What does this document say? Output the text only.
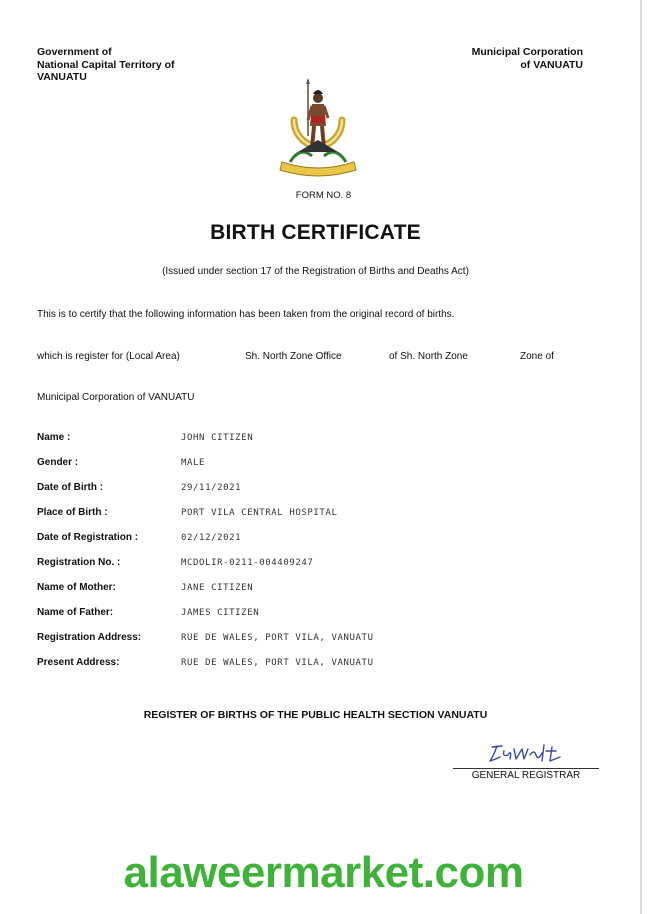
Government of
National Capital Territory of
VANUATU
Municipal Corporation
of VANUATU
FORM NO. 8
BIRTH CERTIFICATE
(Issued under section 17 of the Registration of Births and Deaths Act)
This is to certify that the following information has been taken from the original record of births.
which is register for (Local Area)	Sh. North Zone Office	of Sh. North Zone	Zone of
Municipal Corporation of VANUATU
Name :	JOHN CITIZEN
Gender :	MALE
Date of Birth :	29/11/2021
Place of Birth :	PORT VILA CENTRAL HOSPITAL
Date of Registration :	02/12/2021
Registration No. :	MCDOLIR-0211-004409247
Name of Mother:	JANE CITIZEN
Name of Father:	JAMES CITIZEN
Registration Address:	RUE DE WALES, PORT VILA, VANUATU
Present Address:	RUE DE WALES, PORT VILA, VANUATU
REGISTER OF BIRTHS OF THE PUBLIC HEALTH SECTION VANUATU
GENERAL REGISTRAR
alaweermarket.com
